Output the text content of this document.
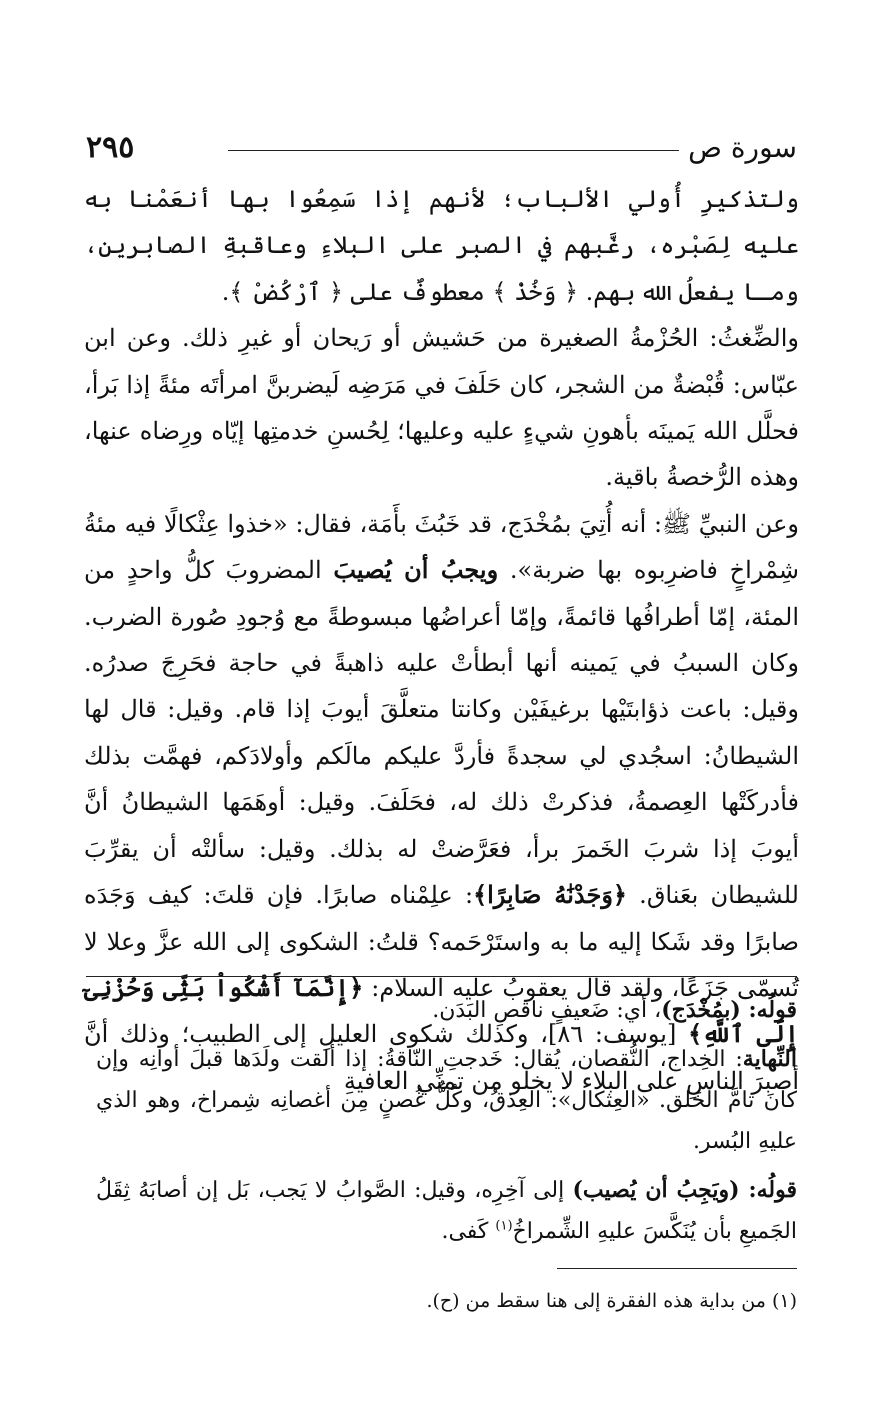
سورة ص
٢٩٥

ولتذكيرِ أُولي الألباب؛ لأنهم إذا سَمِعُوا بها أنعَمْنا به عليه لِصَبْره، رغَّبهم في الصبر على البلاءِ وعاقبةِ الصابرين، ومـا يفعلُ الله بهم. ﴿ وَخُذْ ﴾ معطوفٌ على ﴿ ٱرْكُضْ ﴾.

والضِّغثُ: الحُزْمةُ الصغيرة من حَشيش أو رَيحان أو غيرِ ذلك. وعن ابن عبّاس: قُبْضةٌ من الشجر، كان حَلَفَ في مَرَضِه لَيضربنَّ امرأتَه مئةً إذا بَرأ، فحلَّل الله يَمينَه بأهونِ شيءٍ عليه وعليها؛ لِحُسنِ خدمتِها إيّاه ورِضاه عنها، وهذه الرُّخصةُ باقية.

وعن النبيِّ ﷺ: أنه أُتِيَ بمُخْدَج، قد خَبُثَ بأَمَة، فقال: «خذوا عِثْكالًا فيه مئةُ شِمْراخٍ فاضرِبوه بها ضربة». ويجبُ أن يُصيبَ المضروبَ كلُّ واحدٍ من المئة، إمّا أطرافُها قائمةً، وإمّا أعراضُها مبسوطةً مع وُجودِ صُورة الضرب. وكان السببُ في يَمينه أنها أبطأتْ عليه ذاهبةً في حاجة فحَرِجَ صدرُه. وقيل: باعت ذؤابتَيْها برغيفَيْن وكانتا متعلَّقَ أيوبَ إذا قام. وقيل: قال لها الشيطانُ: اسجُدي لي سجدةً فأردَّ عليكم مالَكم وأولادَكم، فهمَّت بذلك فأدركَتْها العِصمةُ، فذكرتْ ذلك له، فحَلَفَ. وقيل: أوهَمَها الشيطانُ أنَّ أيوبَ إذا شربَ الخَمرَ برأ، فعَرَّضتْ له بذلك. وقيل: سألتْه أن يقرِّبَ للشيطان بعَناق. ﴿وَجَدْنَٰهُ صَابِرًا﴾: علِمْناه صابرًا. فإن قلتَ: كيف وَجَدَه صابرًا وقد شَكا إليه ما به واستَرْحَمه؟ قلتُ: الشكوى إلى الله عزَّ وعلا لا تُسمّى جَزَعًا، ولقد قال يعقوبُ عليه السلام: ﴿إِنَّمَآ أَشْكُواْ بَثِّى وَحُزْنِىٓ إِلَى ٱللَّهِ﴾ [يوسف: ٨٦]، وكذلك شكوى العليلِ إلى الطبيب؛ وذلك أنَّ أصبرَ الناسِ على البلاء لا يخلو من تمنِّي العافيةِ

قولُه: (بمُخْدَج)، أي: ضَعيفٍ ناقصِ البَدَن.

النِّهاية: الخِداج، النُّقصان، يُقال: خَدجتِ النّاقةُ: إذا ألقت ولَدَها قبلَ أوانِه وإن كانَ تامَّ الخَلق. «العِثكال»: العِذقُ، وكُلُّ غُصنٍ مِن أغصانِه شِمراخ، وهو الذي عليهِ البُسر.

قولُه: (ويَجِبُ أن يُصيب) إلى آخِرِه، وقيل: الصَّوابُ لا يَجب، بَل إن أصابَهُ ثِقَلُ الجَميعِ بأن يُنَكَّسَ عليهِ الشِّمراخُ$^{(١)}$ كَفى.

(١) من بداية هذه الفقرة إلى هنا سقط من (ح).
